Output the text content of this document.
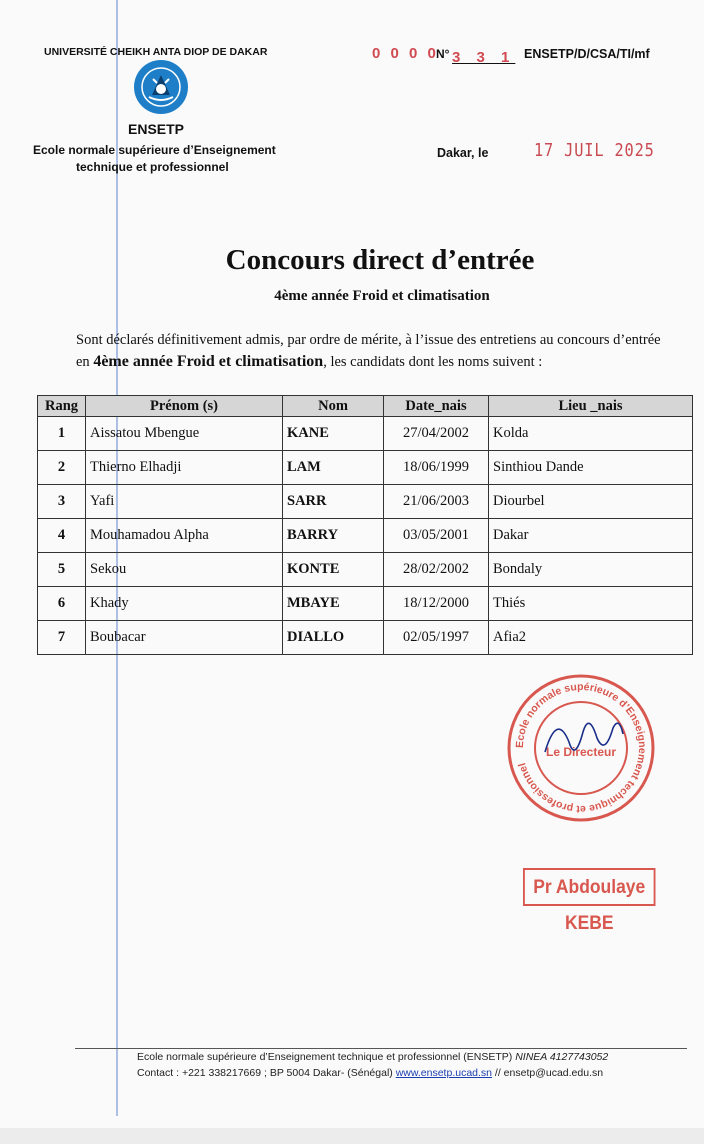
UNIVERSITÉ CHEIKH ANTA DIOP DE DAKAR
ENSETP
Ecole normale supérieure d’Enseignement
technique et professionnel
0 0 0 0
N° 3 3 1 ENSETP/D/CSA/TI/mf
Dakar, le	17 JUIL 2025
Concours direct d’entrée
4ème année Froid et climatisation
Sont déclarés définitivement admis, par ordre de mérite, à l’issue des entretiens au concours d’entrée en 4ème année Froid et climatisation, les candidats dont les noms suivent :
Rang	Prénom (s)	Nom	Date_nais	Lieu _nais
1	Aissatou Mbengue	KANE	27/04/2002	Kolda
2	Thierno Elhadji	LAM	18/06/1999	Sinthiou Dande
3	Yafi	SARR	21/06/2003	Diourbel
4	Mouhamadou Alpha	BARRY	03/05/2001	Dakar
5	Sekou	KONTE	28/02/2002	Bondaly
6	Khady	MBAYE	18/12/2000	Thiés
7	Boubacar	DIALLO	02/05/1997	Afia2
Ecole normale supérieure d’Enseignement technique et professionnel
Le Directeur
Pr Abdoulaye KEBE
Ecole normale supérieure d’Enseignement technique et professionnel (ENSETP) NINEA 4127743052
Contact : +221 338217669 ; BP 5004 Dakar- (Sénégal) www.ensetp.ucad.sn // ensetp@ucad.edu.sn
